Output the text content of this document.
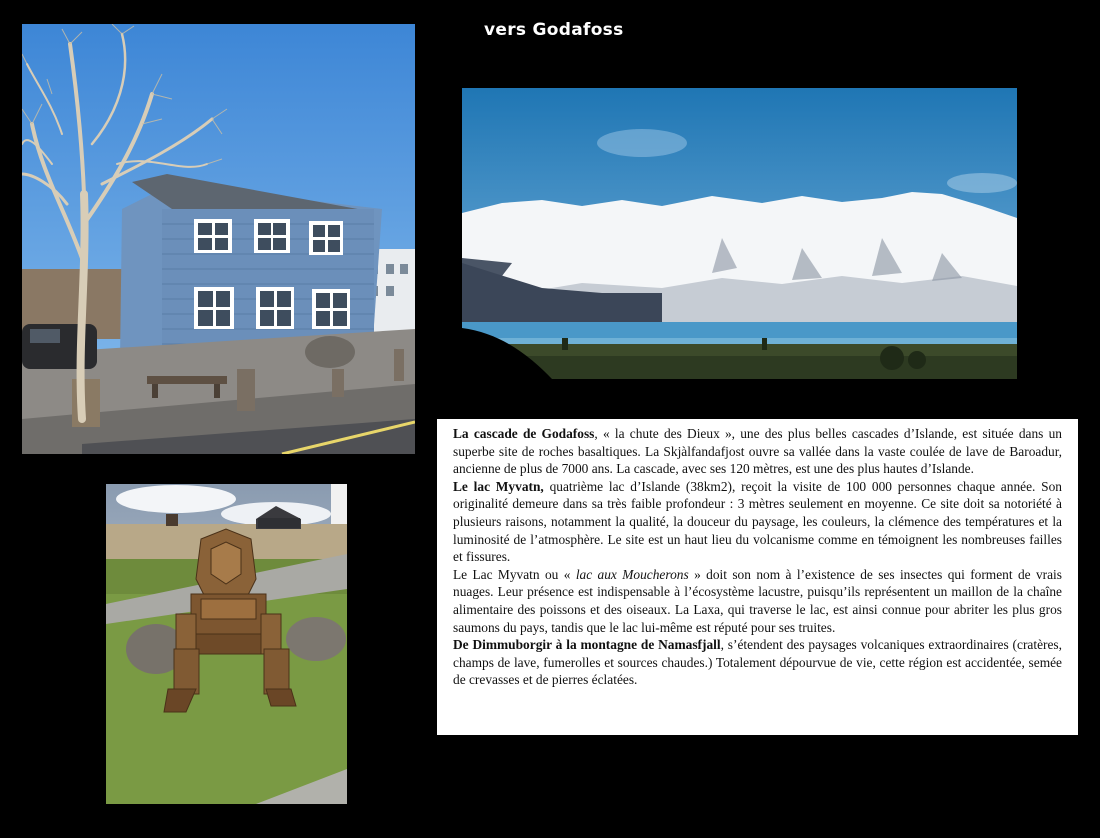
vers Godafoss

La cascade de Godafoss, « la chute des Dieux », une des plus belles cascades d’Islande, est située dans un superbe site de roches basaltiques. La Skjàlfandafjost ouvre sa vallée dans la vaste coulée de lave de Baroadur, ancienne de plus de 7000 ans. La cascade, avec ses 120 mètres, est une des plus hautes d’Islande.

Le lac Myvatn, quatrième lac d’Islande (38km2), reçoit la visite de 100 000 personnes chaque année. Son originalité demeure dans sa très faible profondeur : 3 mètres seulement en moyenne. Ce site doit sa notoriété à plusieurs raisons, notamment la qualité, la douceur du paysage, les couleurs, la clémence des températures et la luminosité de l’atmosphère. Le site est un haut lieu du volcanisme comme en témoignent les nombreuses failles et fissures.

Le Lac Myvatn ou « lac aux Moucherons » doit son nom à l’existence de ses insectes qui forment de vrais nuages. Leur présence est indispensable à l’écosystème lacustre, puisqu’ils représentent un maillon de la chaîne alimentaire des poissons et des oiseaux. La Laxa, qui traverse le lac, est ainsi connue pour abriter les plus gros saumons du pays, tandis que le lac lui-même est réputé pour ses truites.

De Dimmuborgir à la montagne de Namasfjall, s’étendent des paysages volcaniques extraordinaires (cratères, champs de lave, fumerolles et sources chaudes.) Totalement dépourvue de vie, cette région est accidentée, semée de crevasses et de pierres éclatées.
